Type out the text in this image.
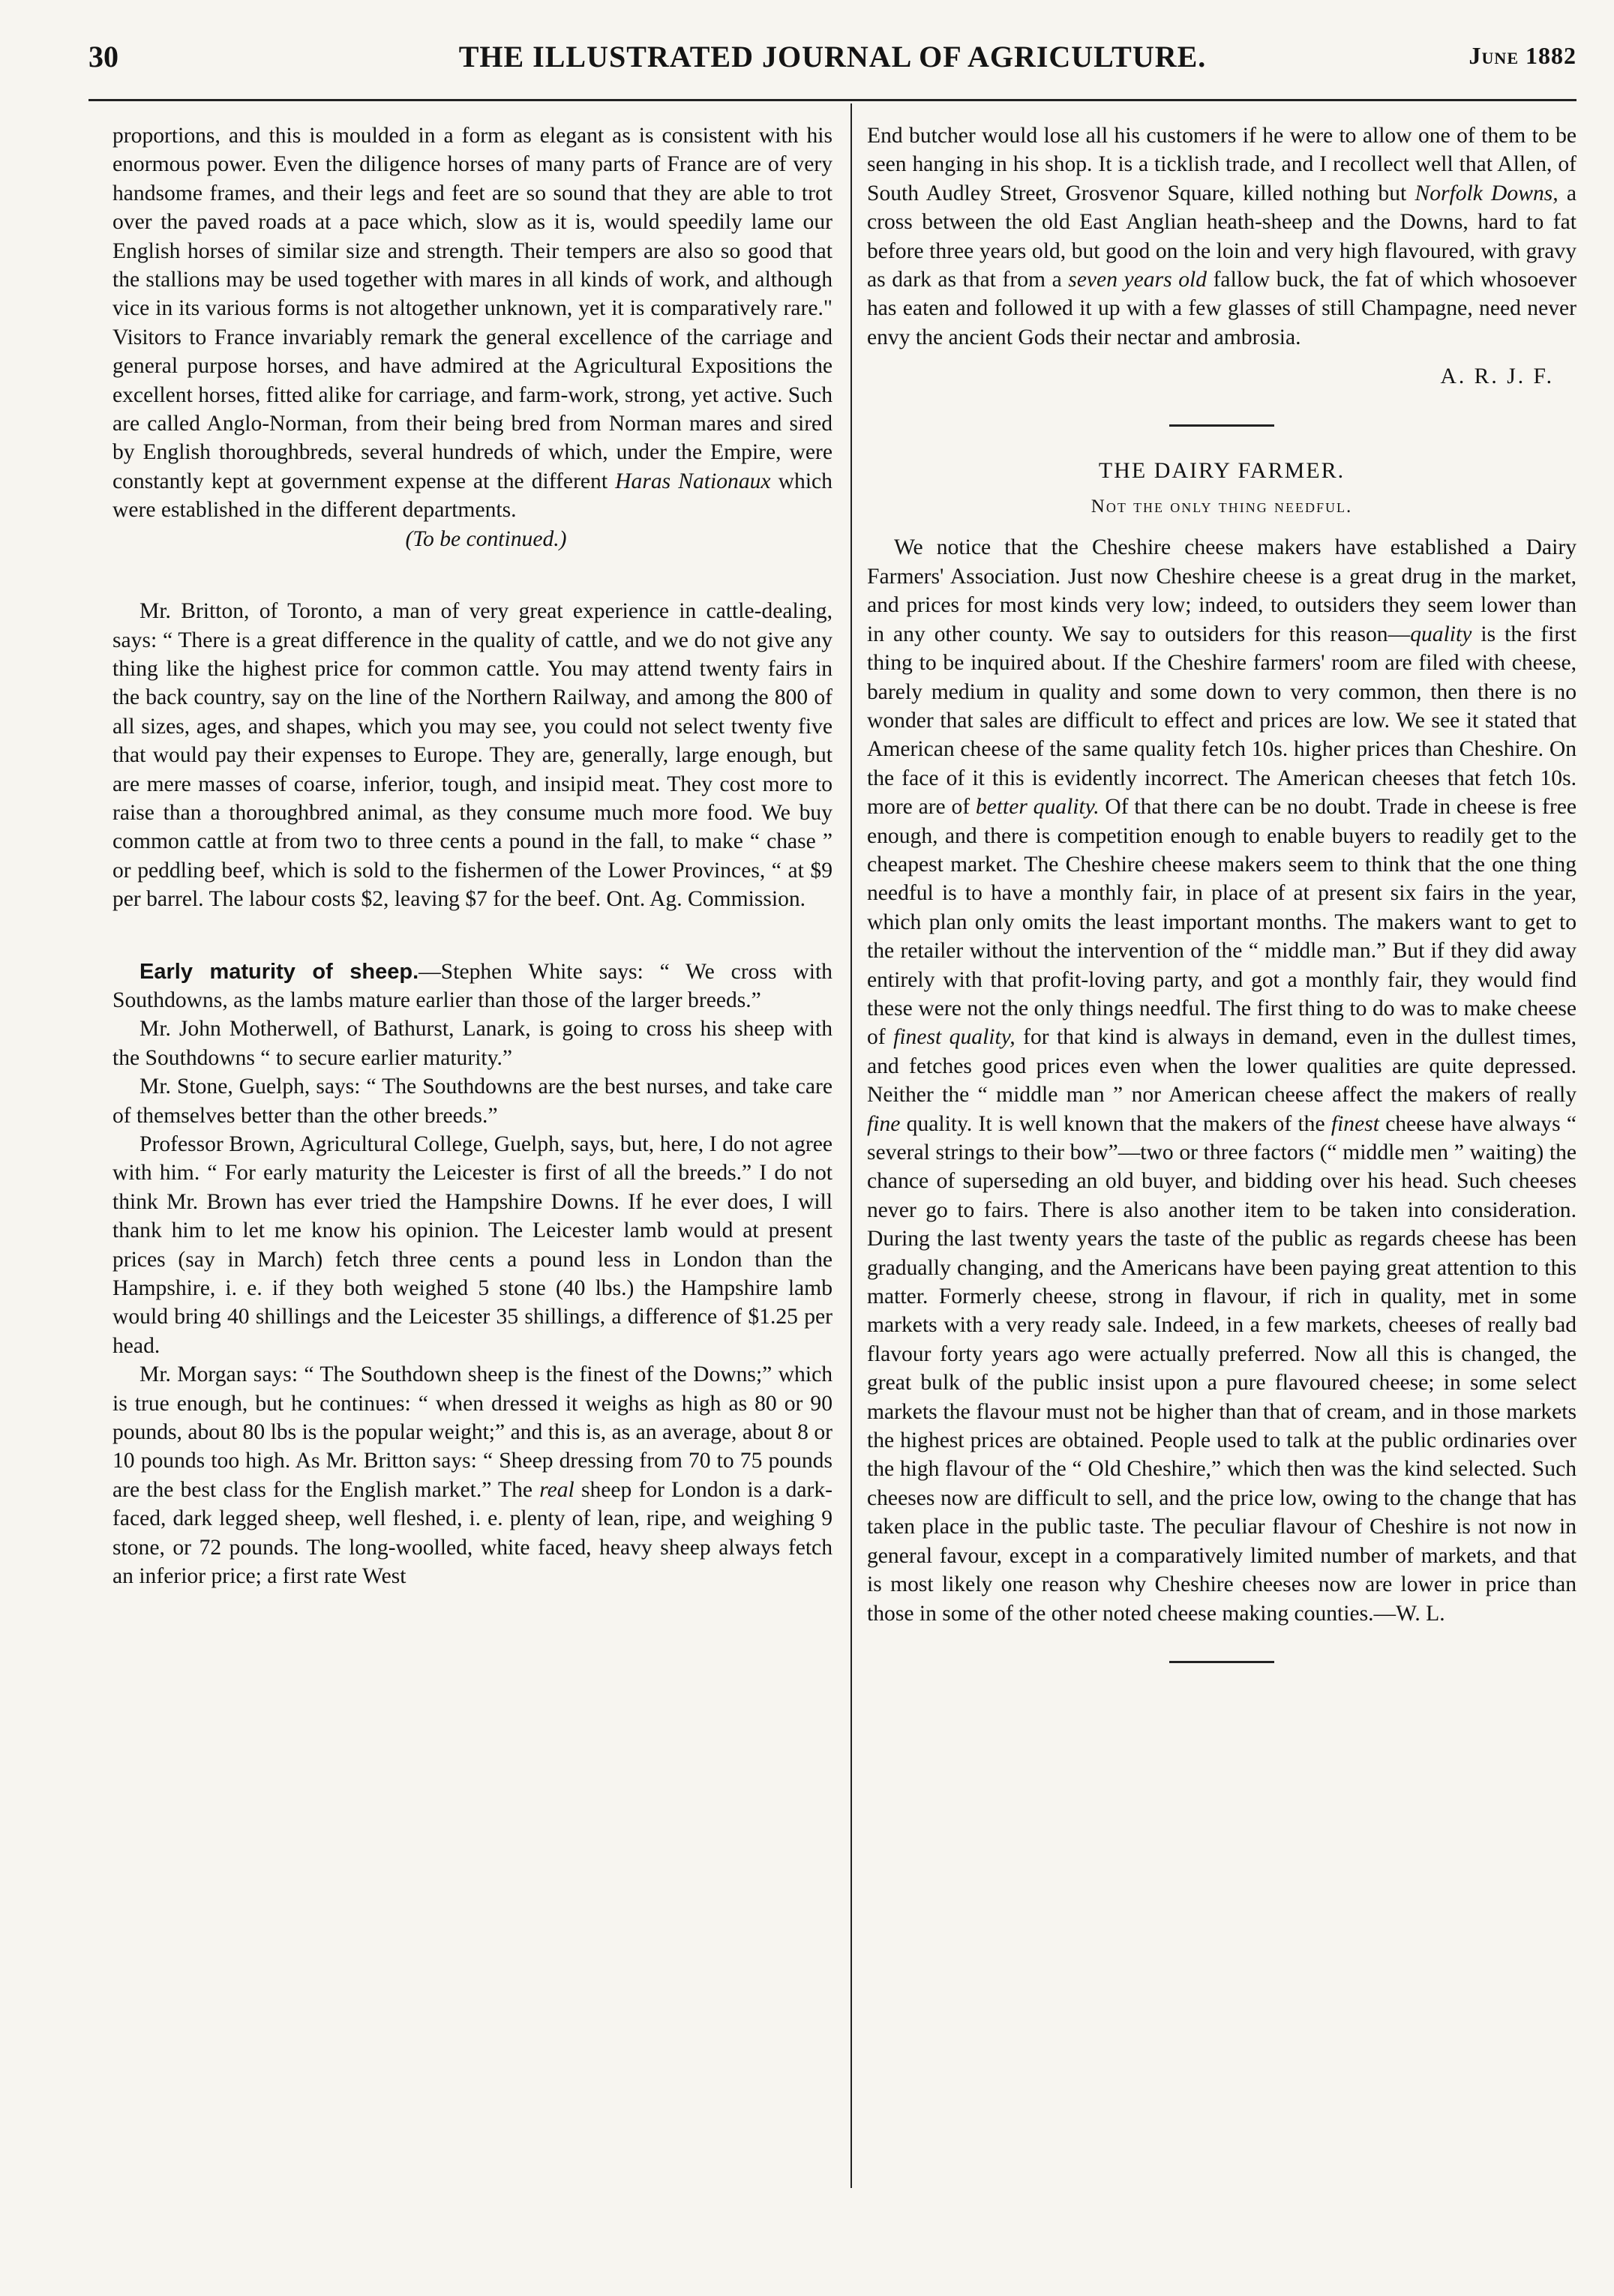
30	THE ILLUSTRATED JOURNAL OF AGRICULTURE.	June 1882

proportions, and this is moulded in a form as elegant as is consistent with his enormous power. Even the diligence horses of many parts of France are of very handsome frames, and their legs and feet are so sound that they are able to trot over the paved roads at a pace which, slow as it is, would speedily lame our English horses of similar size and strength. Their tempers are also so good that the stallions may be used together with mares in all kinds of work, and although vice in its various forms is not altogether unknown, yet it is comparatively rare." Visitors to France invariably remark the general excellence of the carriage and general purpose horses, and have admired at the Agricultural Expositions the excellent horses, fitted alike for carriage, and farm-work, strong, yet active. Such are called Anglo-Norman, from their being bred from Norman mares and sired by English thoroughbreds, several hundreds of which, under the Empire, were constantly kept at government expense at the different Haras Nationaux which were established in the different departments.

(To be continued.)

Mr. Britton, of Toronto, a man of very great experience in cattle-dealing, says: “ There is a great difference in the quality of cattle, and we do not give any thing like the highest price for common cattle. You may attend twenty fairs in the back country, say on the line of the Northern Railway, and among the 800 of all sizes, ages, and shapes, which you may see, you could not select twenty five that would pay their expenses to Europe. They are, generally, large enough, but are mere masses of coarse, inferior, tough, and insipid meat. They cost more to raise than a thoroughbred animal, as they consume much more food. We buy common cattle at from two to three cents a pound in the fall, to make “ chase ” or peddling beef, which is sold to the fishermen of the Lower Provinces, “ at $9 per barrel. The labour costs $2, leaving $7 for the beef. Ont. Ag. Commission.

Early maturity of sheep.—Stephen White says: “ We cross with Southdowns, as the lambs mature earlier than those of the larger breeds.”

Mr. John Motherwell, of Bathurst, Lanark, is going to cross his sheep with the Southdowns “ to secure earlier maturity.”

Mr. Stone, Guelph, says: “ The Southdowns are the best nurses, and take care of themselves better than the other breeds.”

Professor Brown, Agricultural College, Guelph, says, but, here, I do not agree with him. “ For early maturity the Leicester is first of all the breeds.” I do not think Mr. Brown has ever tried the Hampshire Downs. If he ever does, I will thank him to let me know his opinion. The Leicester lamb would at present prices (say in March) fetch three cents a pound less in London than the Hampshire, i. e. if they both weighed 5 stone (40 lbs.) the Hampshire lamb would bring 40 shillings and the Leicester 35 shillings, a difference of $1.25 per head.

Mr. Morgan says: “ The Southdown sheep is the finest of the Downs;” which is true enough, but he continues: “ when dressed it weighs as high as 80 or 90 pounds, about 80 lbs is the popular weight;” and this is, as an average, about 8 or 10 pounds too high. As Mr. Britton says: “ Sheep dressing from 70 to 75 pounds are the best class for the English market.” The real sheep for London is a dark-faced, dark legged sheep, well fleshed, i. e. plenty of lean, ripe, and weighing 9 stone, or 72 pounds. The long-woolled, white faced, heavy sheep always fetch an inferior price; a first rate West

End butcher would lose all his customers if he were to allow one of them to be seen hanging in his shop. It is a ticklish trade, and I recollect well that Allen, of South Audley Street, Grosvenor Square, killed nothing but Norfolk Downs, a cross between the old East Anglian heath-sheep and the Downs, hard to fat before three years old, but good on the loin and very high flavoured, with gravy as dark as that from a seven years old fallow buck, the fat of which whosoever has eaten and followed it up with a few glasses of still Champagne, need never envy the ancient Gods their nectar and ambrosia.

A. R. J. F.
THE DAIRY FARMER.
Not the only thing needful.

We notice that the Cheshire cheese makers have established a Dairy Farmers' Association. Just now Cheshire cheese is a great drug in the market, and prices for most kinds very low; indeed, to outsiders they seem lower than in any other county. We say to outsiders for this reason—quality is the first thing to be inquired about. If the Cheshire farmers' room are filed with cheese, barely medium in quality and some down to very common, then there is no wonder that sales are difficult to effect and prices are low. We see it stated that American cheese of the same quality fetch 10s. higher prices than Cheshire. On the face of it this is evidently incorrect. The American cheeses that fetch 10s. more are of better quality. Of that there can be no doubt. Trade in cheese is free enough, and there is competition enough to enable buyers to readily get to the cheapest market. The Cheshire cheese makers seem to think that the one thing needful is to have a monthly fair, in place of at present six fairs in the year, which plan only omits the least important months. The makers want to get to the retailer without the intervention of the “ middle man.” But if they did away entirely with that profit-loving party, and got a monthly fair, they would find these were not the only things needful. The first thing to do was to make cheese of finest quality, for that kind is always in demand, even in the dullest times, and fetches good prices even when the lower qualities are quite depressed. Neither the “ middle man ” nor American cheese affect the makers of really fine quality. It is well known that the makers of the finest cheese have always “ several strings to their bow”—two or three factors (“ middle men ” waiting) the chance of superseding an old buyer, and bidding over his head. Such cheeses never go to fairs. There is also another item to be taken into consideration. During the last twenty years the taste of the public as regards cheese has been gradually changing, and the Americans have been paying great attention to this matter. Formerly cheese, strong in flavour, if rich in quality, met in some markets with a very ready sale. Indeed, in a few markets, cheeses of really bad flavour forty years ago were actually preferred. Now all this is changed, the great bulk of the public insist upon a pure flavoured cheese; in some select markets the flavour must not be higher than that of cream, and in those markets the highest prices are obtained. People used to talk at the public ordinaries over the high flavour of the “ Old Cheshire,” which then was the kind selected. Such cheeses now are difficult to sell, and the price low, owing to the change that has taken place in the public taste. The peculiar flavour of Cheshire is not now in general favour, except in a comparatively limited number of markets, and that is most likely one reason why Cheshire cheeses now are lower in price than those in some of the other noted cheese making counties.—W. L.
